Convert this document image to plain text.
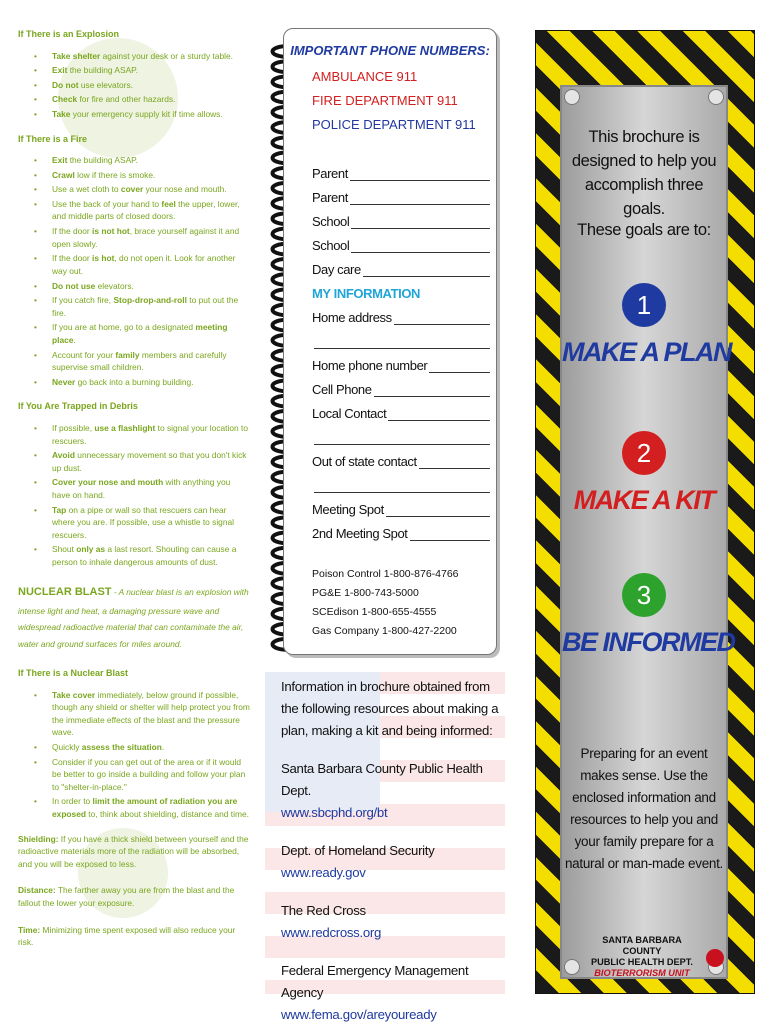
If There is an Explosion
• Take shelter against your desk or a sturdy table.
• Exit the building ASAP.
• Do not use elevators.
• Check for fire and other hazards.
• Take your emergency supply kit if time allows.
If There is a Fire
• Exit the building ASAP.
• Crawl low if there is smoke.
• Use a wet cloth to cover your nose and mouth.
• Use the back of your hand to feel the upper, lower, and middle parts of closed doors.
• If the door is not hot, brace yourself against it and open slowly.
• If the door is hot, do not open it. Look for another way out.
• Do not use elevators.
• If you catch fire, Stop-drop-and-roll to put out the fire.
• If you are at home, go to a designated meeting place.
• Account for your family members and carefully supervise small children.
• Never go back into a burning building.
If You Are Trapped in Debris
• If possible, use a flashlight to signal your location to rescuers.
• Avoid unnecessary movement so that you don't kick up dust.
• Cover your nose and mouth with anything you have on hand.
• Tap on a pipe or wall so that rescuers can hear where you are. If possible, use a whistle to signal rescuers.
• Shout only as a last resort. Shouting can cause a person to inhale dangerous amounts of dust.
NUCLEAR BLAST - A nuclear blast is an explosion with intense light and heat, a damaging pressure wave and widespread radioactive material that can contaminate the air, water and ground surfaces for miles around.
If There is a Nuclear Blast
• Take cover immediately, below ground if possible, though any shield or shelter will help protect you from the immediate effects of the blast and the pressure wave.
• Quickly assess the situation.
• Consider if you can get out of the area or if it would be better to go inside a building and follow your plan to "shelter-in-place."
• In order to limit the amount of radiation you are exposed to, think about shielding, distance and time.

Shielding: If you have a thick shield between yourself and the radioactive materials more of the radiation will be absorbed, and you will be exposed to less.

Distance: The farther away you are from the blast and the fallout the lower your exposure.

Time: Minimizing time spent exposed will also reduce your risk.

IMPORTANT PHONE NUMBERS:
AMBULANCE 911
FIRE DEPARTMENT 911
POLICE DEPARTMENT 911
Parent
Parent
School
School
Day care
MY INFORMATION
Home address
Home phone number
Cell Phone
Local Contact
Out of state contact
Meeting Spot
2nd Meeting Spot
Poison Control 1-800-876-4766
PG&E 1-800-743-5000
SCEdison 1-800-655-4555
Gas Company 1-800-427-2200
Information in brochure obtained from the following resources about making a plan, making a kit and being informed:
Santa Barbara County Public Health Dept.
www.sbcphd.org/bt
Dept. of Homeland Security
www.ready.gov
The Red Cross
www.redcross.org
Federal Emergency Management Agency
www.fema.gov/areyouready
This brochure is designed to help you accomplish three goals.
These goals are to:
1
MAKE A PLAN
2
MAKE A KIT
3
BE INFORMED
Preparing for an event makes sense. Use the enclosed information and resources to help you and your family prepare for a natural or man-made event.
SANTA BARBARA COUNTY
PUBLIC HEALTH DEPT.
BIOTERRORISM UNIT
